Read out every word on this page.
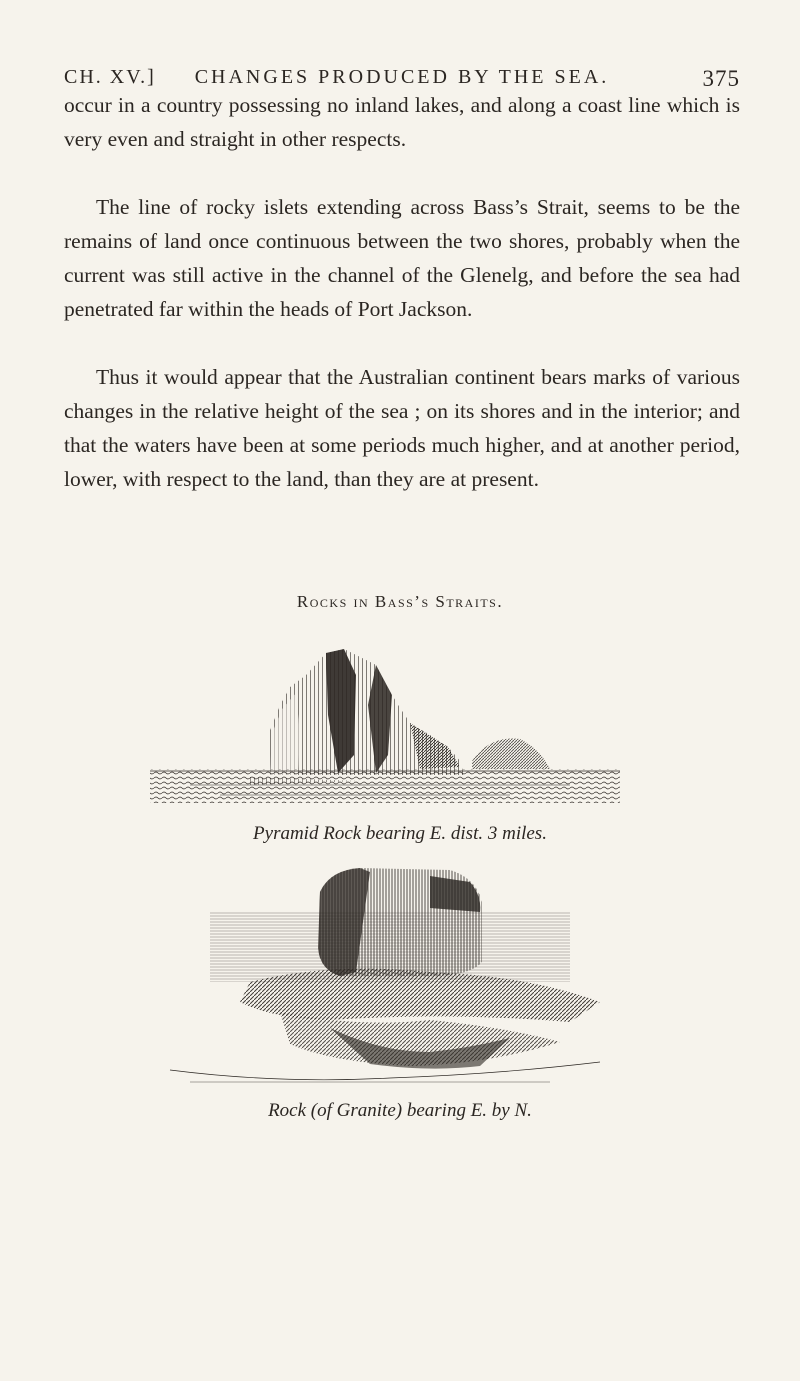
CH. XV.]	CHANGES PRODUCED BY THE SEA.	375

occur in a country possessing no inland lakes, and along a coast line which is very even and straight in other respects.

The line of rocky islets extending across Bass’s Strait, seems to be the remains of land once continuous between the two shores, probably when the current was still active in the channel of the Glenelg, and before the sea had penetrated far within the heads of Port Jackson.

Thus it would appear that the Australian continent bears marks of various changes in the relative height of the sea ; on its shores and in the interior; and that the waters have been at some periods much higher, and at another period, lower, with respect to the land, than they are at present.

Rocks in Bass’s Straits.
Pyramid Rock bearing E. dist. 3 miles.
Rock (of Granite) bearing E. by N.
